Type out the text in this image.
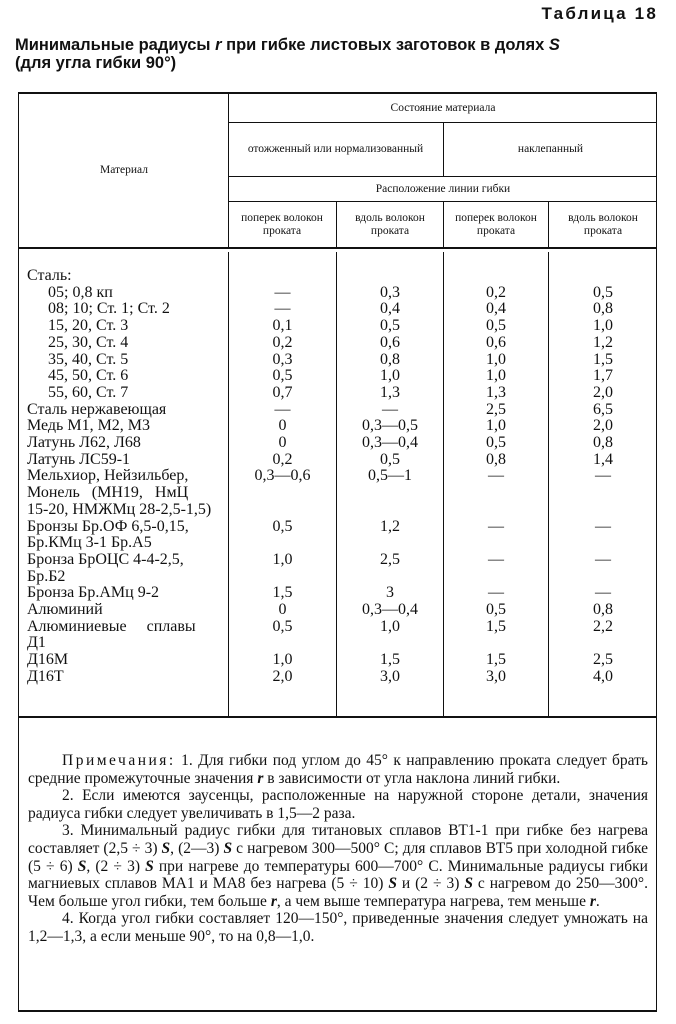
Таблица 18
Минимальные радиусы r при гибке листовых заготовок в долях S
(для угла гибки 90°)
Материал
Состояние материала
отожженный или нормализованный	наклепанный
Расположение линии гибки
поперек волокон проката
вдоль волокон проката
поперек волокон проката
вдоль волокон проката
Сталь:
05; 0,8 кп	—	0,3	0,2	0,5
08; 10; Ст. 1; Ст. 2	—	0,4	0,4	0,8
15, 20, Ст. 3	0,1	0,5	0,5	1,0
25, 30, Ст. 4	0,2	0,6	0,6	1,2
35, 40, Ст. 5	0,3	0,8	1,0	1,5
45, 50, Ст. 6	0,5	1,0	1,0	1,7
55, 60, Ст. 7	0,7	1,3	1,3	2,0
Сталь нержавеющая	—	—	2,5	6,5
Медь М1, М2, М3	0	0,3—0,5	1,0	2,0
Латунь Л62, Л68	0	0,3—0,4	0,5	0,8
Латунь ЛС59-1	0,2	0,5	0,8	1,4
Мельхиор, Нейзильбер,	0,3—0,6	0,5—1	—	—
Монель   (МН19,   НмЦ
15-20, НМЖМц 28-2,5-1,5)
Бронзы Бр.ОФ 6,5-0,15,	0,5	1,2	—	—
Бр.КМц 3-1 Бр.А5
Бронза БрОЦС 4-4-2,5,	1,0	2,5	—	—
Бр.Б2
Бронза Бр.АМц 9-2	1,5	3	—	—
Алюминий	0	0,3—0,4	0,5	0,8
Алюминиевые     сплавы	0,5	1,0	1,5	2,2
Д1
Д16М	1,0	1,5	1,5	2,5
Д16Т	2,0	3,0	3,0	4,0

Примечания: 1. Для гибки под углом до 45° к направлению проката следует брать средние промежуточные значения r в зависимости от угла наклона линий гибки.

2. Если имеются заусенцы, расположенные на наружной стороне детали, значения радиуса гибки следует увеличивать в 1,5—2 раза.

3. Минимальный радиус гибки для титановых сплавов ВТ1-1 при гибке без нагрева составляет (2,5 ÷ 3) S, (2—3) S с нагревом 300—500° С; для сплавов ВТ5 при холодной гибке (5 ÷ 6) S, (2 ÷ 3) S при нагреве до температуры 600—700° С. Минимальные радиусы гибки магниевых сплавов МА1 и МА8 без нагрева (5 ÷ 10) S и (2 ÷ 3) S с нагревом до 250—300°. Чем больше угол гибки, тем больше r, а чем выше температура нагрева, тем меньше r.

4. Когда угол гибки составляет 120—150°, приведенные значения следует умножать на 1,2—1,3, а если меньше 90°, то на 0,8—1,0.
